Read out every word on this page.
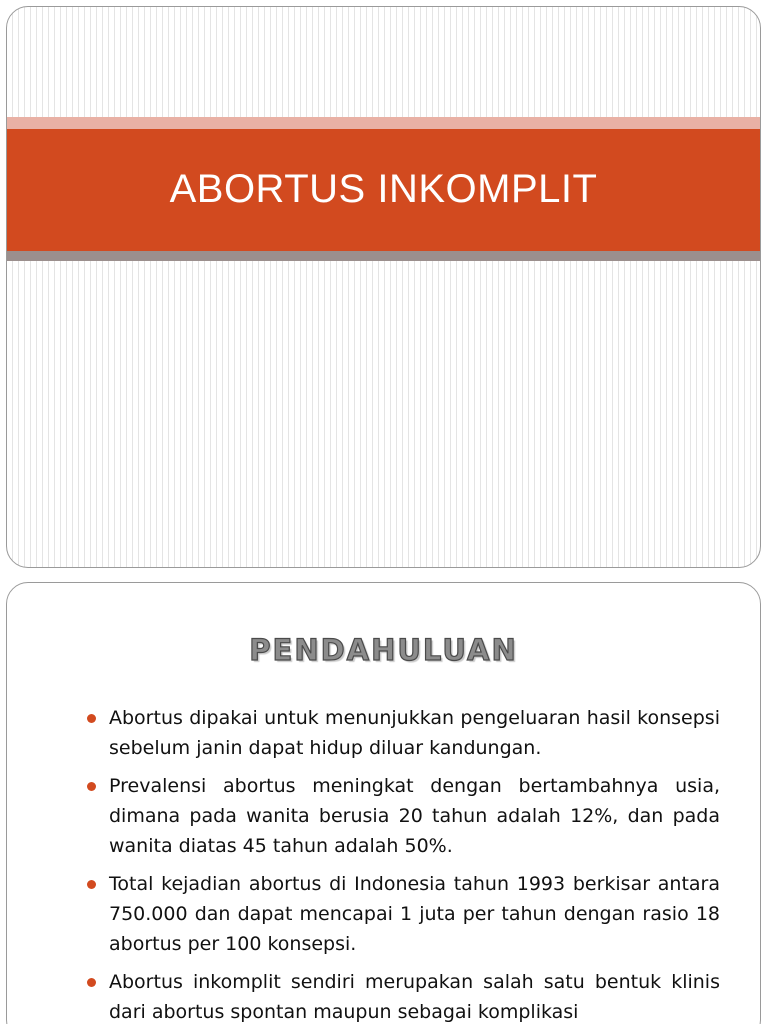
ABORTUS INKOMPLIT
PENDAHULUAN
Abortus dipakai untuk menunjukkan pengeluaran hasil konsepsi sebelum janin dapat hidup diluar kandungan.
Prevalensi abortus meningkat dengan bertambahnya usia, dimana pada wanita berusia 20 tahun adalah 12%, dan pada wanita diatas 45 tahun adalah 50%.
Total kejadian abortus di Indonesia tahun 1993 berkisar antara 750.000 dan dapat mencapai 1 juta per tahun dengan rasio 18 abortus per 100 konsepsi.
Abortus inkomplit sendiri merupakan salah satu bentuk klinis dari abortus spontan maupun sebagai komplikasi
